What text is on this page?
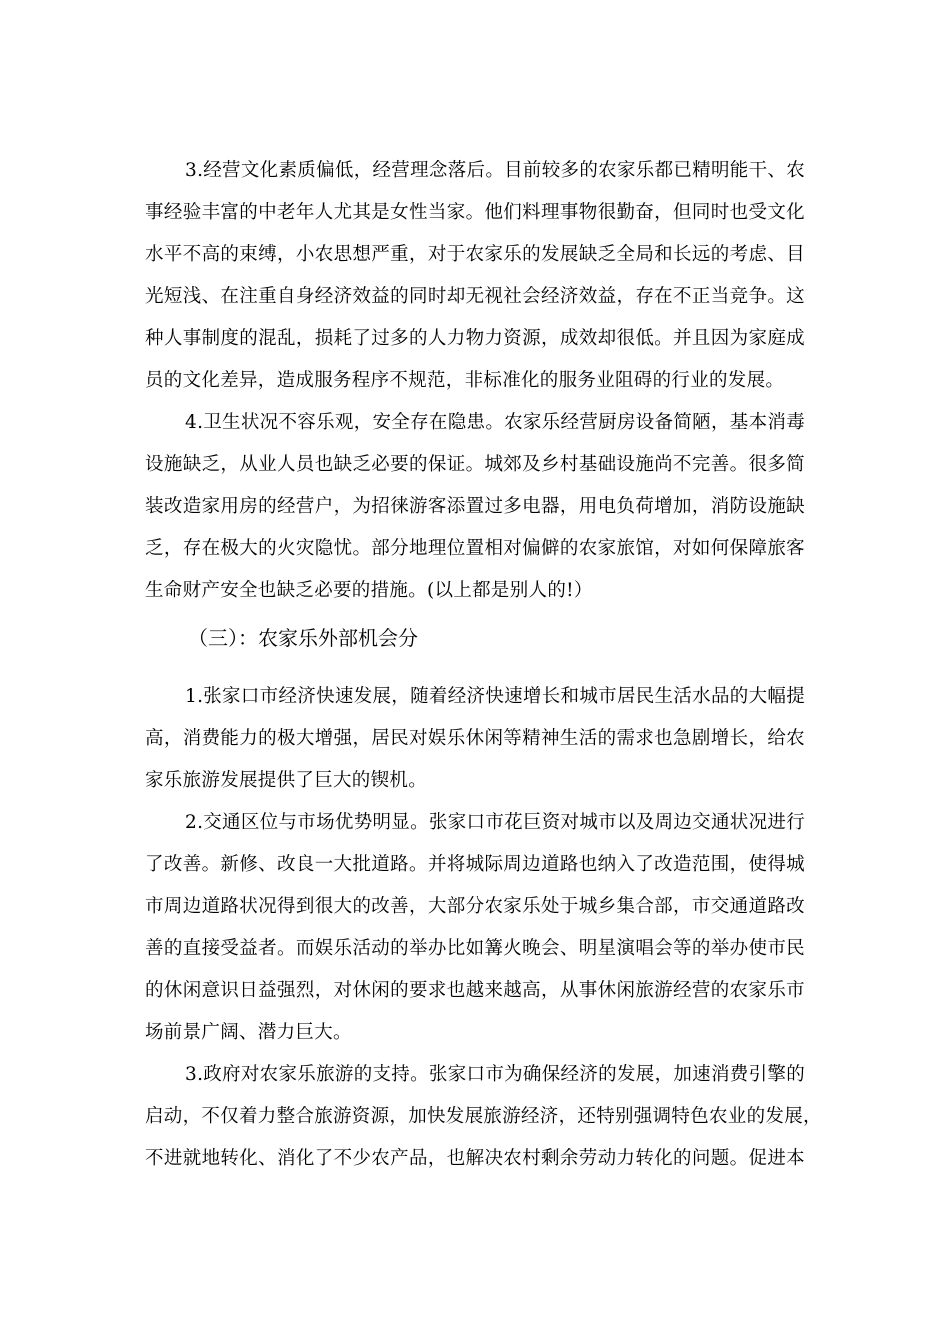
3.经营文化素质偏低，经营理念落后。目前较多的农家乐都已精明能干、农
事经验丰富的中老年人尤其是女性当家。他们料理事物很勤奋，但同时也受文化
水平不高的束缚，小农思想严重，对于农家乐的发展缺乏全局和长远的考虑、目
光短浅、在注重自身经济效益的同时却无视社会经济效益，存在不正当竞争。这
种人事制度的混乱，损耗了过多的人力物力资源，成效却很低。并且因为家庭成
员的文化差异，造成服务程序不规范，非标准化的服务业阻碍的行业的发展。
4.卫生状况不容乐观，安全存在隐患。农家乐经营厨房设备简陋，基本消毒
设施缺乏，从业人员也缺乏必要的保证。城郊及乡村基础设施尚不完善。很多简
装改造家用房的经营户，为招徕游客添置过多电器，用电负荷增加，消防设施缺
乏，存在极大的火灾隐忧。部分地理位置相对偏僻的农家旅馆，对如何保障旅客
生命财产安全也缺乏必要的措施。(以上都是别人的!）
（三）：农家乐外部机会分
1.张家口市经济快速发展，随着经济快速增长和城市居民生活水品的大幅提
高，消费能力的极大增强，居民对娱乐休闲等精神生活的需求也急剧增长，给农
家乐旅游发展提供了巨大的锲机。
2.交通区位与市场优势明显。张家口市花巨资对城市以及周边交通状况进行
了改善。新修、改良一大批道路。并将城际周边道路也纳入了改造范围，使得城
市周边道路状况得到很大的改善，大部分农家乐处于城乡集合部，市交通道路改
善的直接受益者。而娱乐活动的举办比如篝火晚会、明星演唱会等的举办使市民
的休闲意识日益强烈，对休闲的要求也越来越高，从事休闲旅游经营的农家乐市
场前景广阔、潜力巨大。
3.政府对农家乐旅游的支持。张家口市为确保经济的发展，加速消费引擎的
启动，不仅着力整合旅游资源，加快发展旅游经济，还特别强调特色农业的发展，
不进就地转化、消化了不少农产品，也解决农村剩余劳动力转化的问题。促进本
